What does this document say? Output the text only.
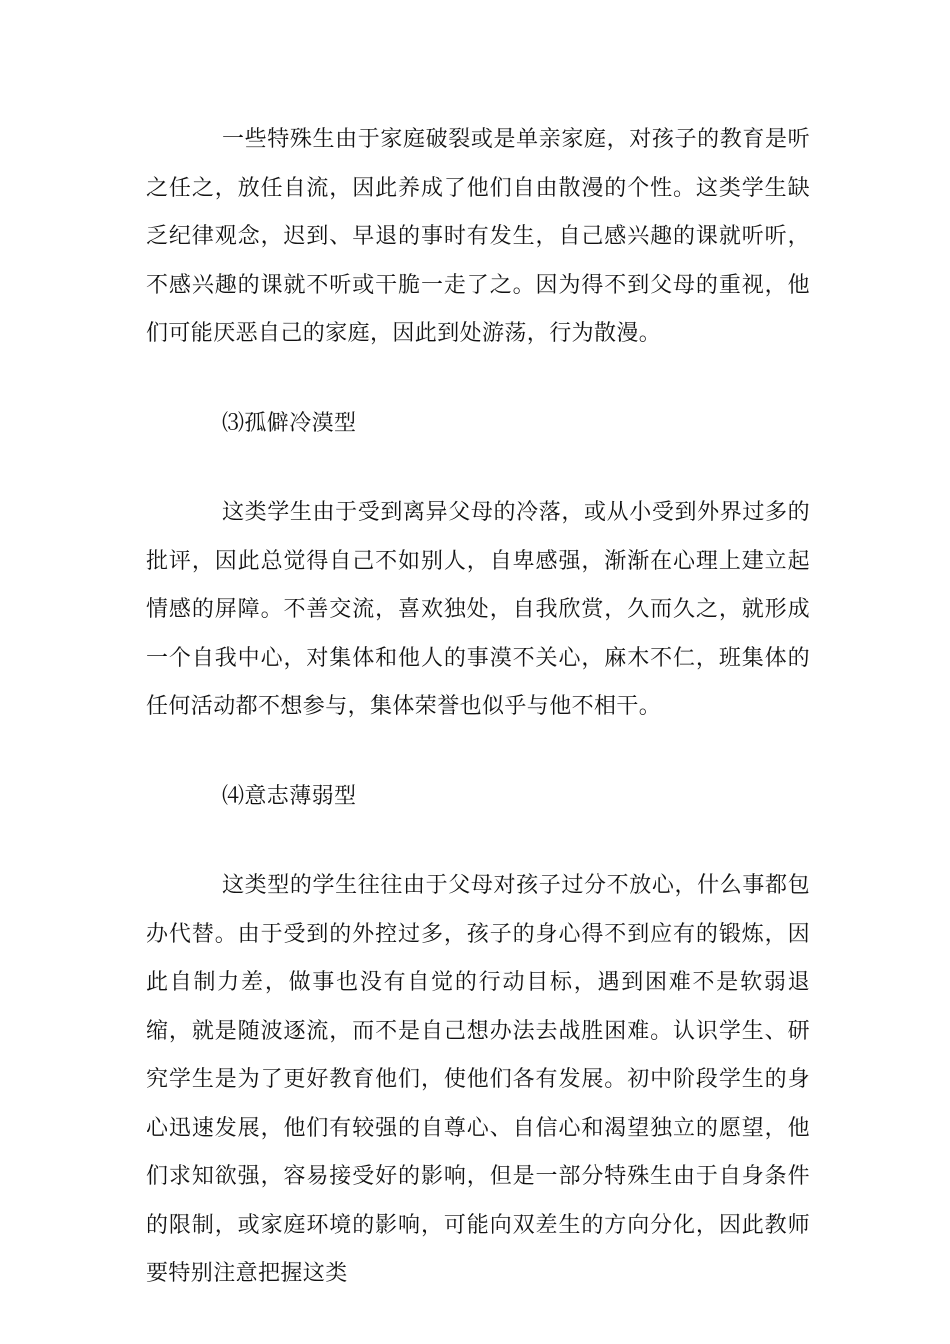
一些特殊生由于家庭破裂或是单亲家庭，对孩子的教育是听之任之，放任自流，因此养成了他们自由散漫的个性。这类学生缺乏纪律观念，迟到、早退的事时有发生，自己感兴趣的课就听听，不感兴趣的课就不听或干脆一走了之。因为得不到父母的重视，他们可能厌恶自己的家庭，因此到处游荡，行为散漫。

⑶孤僻冷漠型

这类学生由于受到离异父母的冷落，或从小受到外界过多的批评，因此总觉得自己不如别人，自卑感强，渐渐在心理上建立起情感的屏障。不善交流，喜欢独处，自我欣赏，久而久之，就形成一个自我中心，对集体和他人的事漠不关心，麻木不仁，班集体的任何活动都不想参与，集体荣誉也似乎与他不相干。

⑷意志薄弱型

这类型的学生往往由于父母对孩子过分不放心，什么事都包办代替。由于受到的外控过多，孩子的身心得不到应有的锻炼，因此自制力差，做事也没有自觉的行动目标，遇到困难不是软弱退缩，就是随波逐流，而不是自己想办法去战胜困难。认识学生、研究学生是为了更好教育他们，使他们各有发展。初中阶段学生的身心迅速发展，他们有较强的自尊心、自信心和渴望独立的愿望，他们求知欲强，容易接受好的影响，但是一部分特殊生由于自身条件的限制，或家庭环境的影响，可能向双差生的方向分化，因此教师要特别注意把握这类
